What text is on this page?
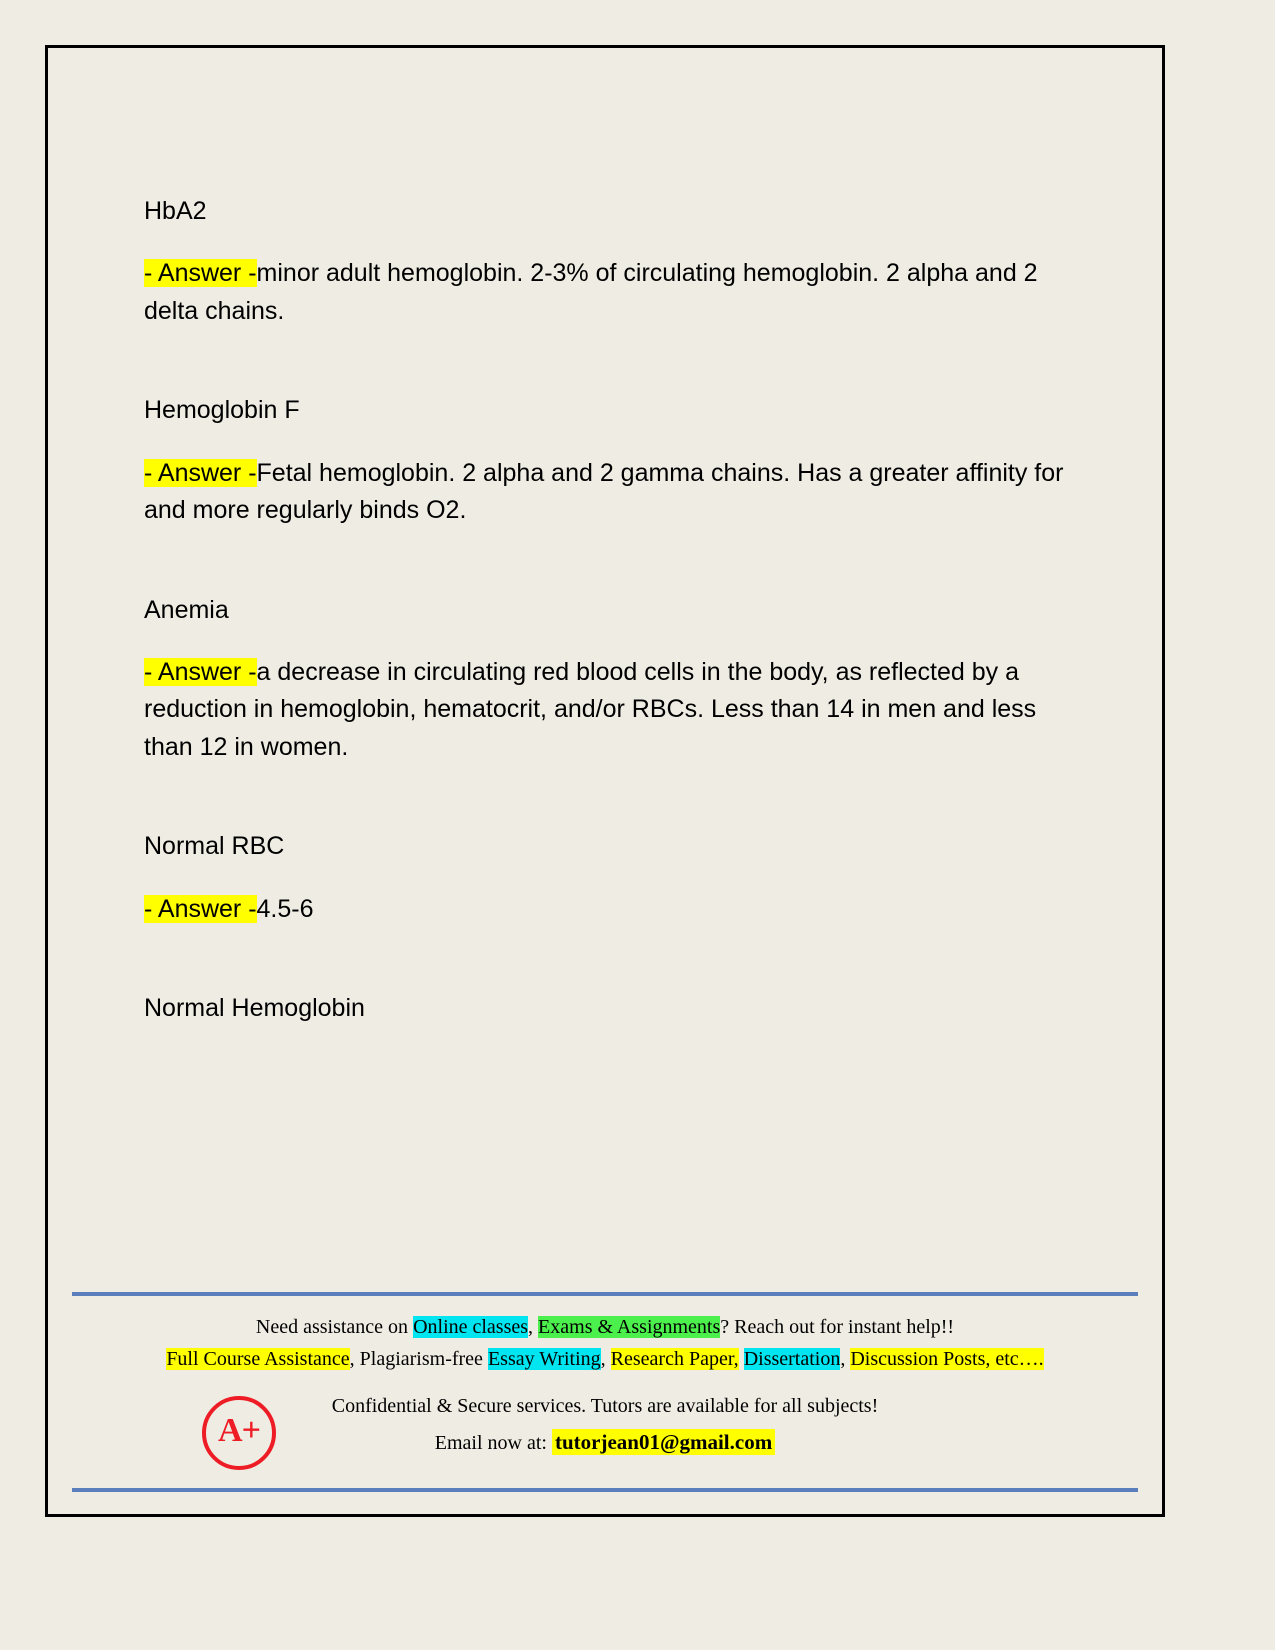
HbA2
- Answer -minor adult hemoglobin. 2-3% of circulating hemoglobin. 2 alpha and 2 delta chains.
Hemoglobin F
- Answer -Fetal hemoglobin. 2 alpha and 2 gamma chains. Has a greater affinity for and more regularly binds O2.
Anemia
- Answer -a decrease in circulating red blood cells in the body, as reflected by a reduction in hemoglobin, hematocrit, and/or RBCs. Less than 14 in men and less than 12 in women.
Normal RBC
- Answer -4.5-6
Normal Hemoglobin
Need assistance on Online classes, Exams & Assignments? Reach out for instant help!!
Full Course Assistance, Plagiarism-free Essay Writing, Research Paper, Dissertation, Discussion Posts, etc….
A+
Confidential & Secure services. Tutors are available for all subjects!
Email now at: tutorjean01@gmail.com
